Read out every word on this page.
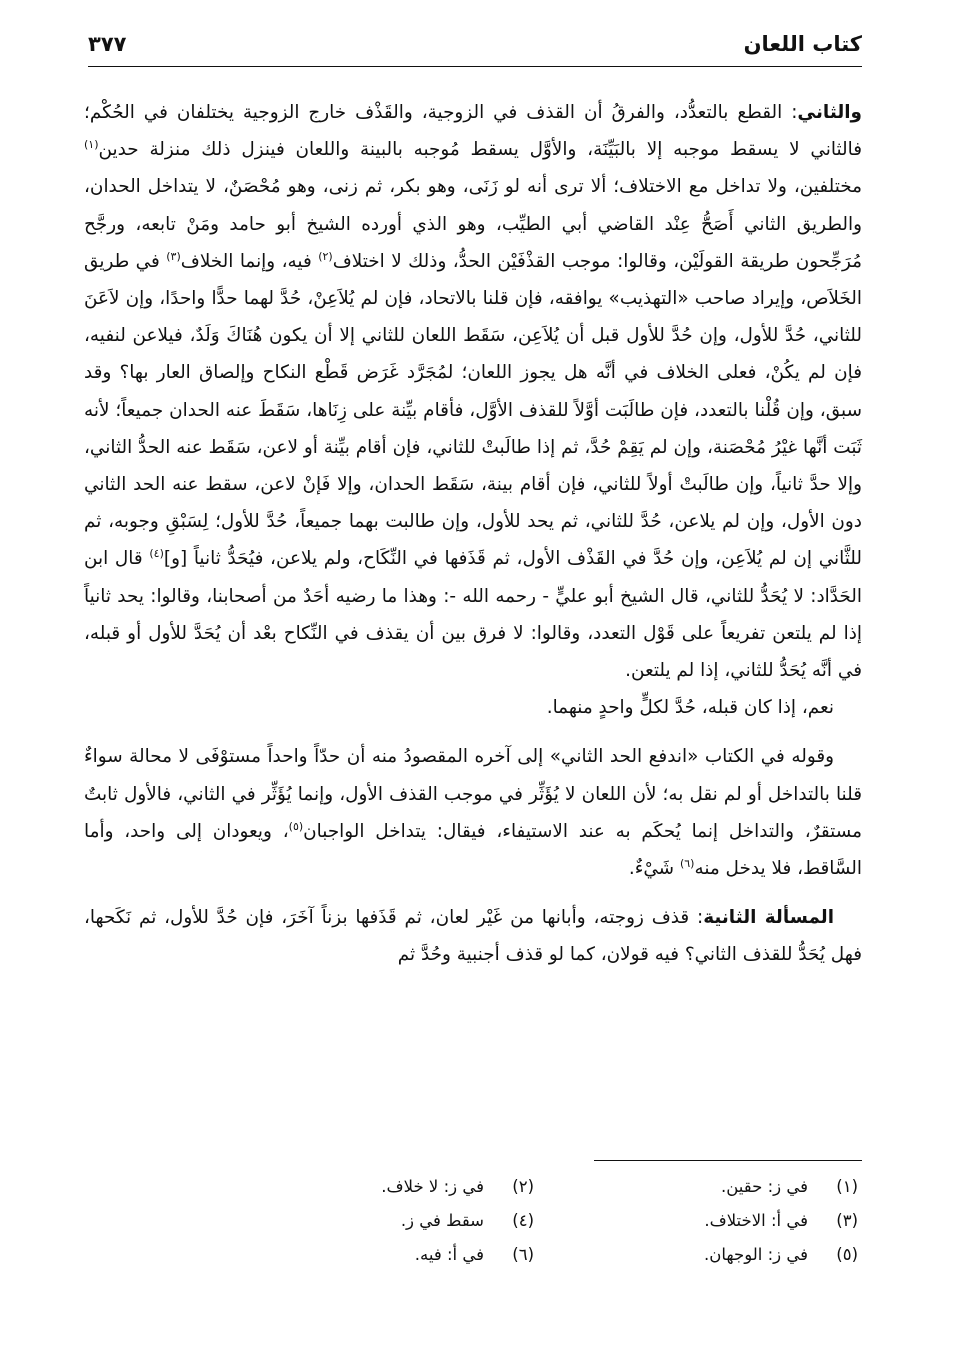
كتاب اللعان
٣٧٧

والثاني: القطع بالتعدُّد، والفرقُ أن القذف في الزوجية، والقَذْف خارج الزوجية يختلفان في الحُكْم؛ فالثاني لا يسقط موجبه إلا بالبَيِّنَة، والأوَّل يسقط مُوجبه بالبينة واللعان فينزل ذلك منزلة حدين$^{(١)}$ مختلفين، ولا تداخل مع الاختلاف؛ ألا ترى أنه لو زَنَى، وهو بكر، ثم زنى، وهو مُحْصَنٌ، لا يتداخل الحدان، والطريق الثاني أَصَحُّ عِنْد القاضي أبي الطيِّب، وهو الذي أورده الشيخ أبو حامد ومَنْ تابعه، ورجَّح مُرَجِّحون طريقة القولَيْن، وقالوا: موجب القذْفَيْن الحدُّ، وذلك لا اختلاف$^{(٢)}$ فيه، وإنما الخلاف$^{(٣)}$ في طريق الخَلاَص، وإيراد صاحب «التهذيب» يوافقه، فإن قلنا بالاتحاد، فإن لم يُلاَعِنْ، حُدَّ لهما حدًّا واحدًا، وإن لاَعَنَ للثاني، حُدَّ للأول، وإن حُدَّ للأول قبل أن يُلاَعِن، سَقَط اللعان للثاني إلا أن يكون هُنَاكَ وَلَدٌ، فيلاعن لنفيه، فإن لم يكُنْ، فعلى الخلاف في أنَّه هل يجوز اللعان؛ لمُجَرَّد غَرَض قَطْع النكاح وإلصاق العار بها؟ وقد سبق، وإن قُلْنا بالتعدد، فإن طالَبَت أوَّلاً للقذف الأوَّل، فأقام بيِّنة على زِنَاها، سَقَطَ عنه الحدان جميعاً؛ لأنه ثَبَت أنَّها غيْرُ مُحْصَنة، وإن لم يَقِمْ حُدَّ، ثم إذا طالَبتْ للثاني، فإن أقام بيِّنة أو لاعن، سَقَط عنه الحدُّ الثاني، وإلا حدَّ ثانياً، وإن طالَبتْ أولاً للثاني، فإن أقام بينة، سَقَط الحدان، وإلا فَإنْ لاعن، سقط عنه الحد الثاني دون الأول، وإن لم يلاعن، حُدَّ للثاني، ثم يحد للأول، وإن طالبت بهما جميعاً، حُدَّ للأول؛ لِسَبْقِ وجوبه، ثم للثَّاني إن لم يُلاَعِن، وإن حُدَّ في القَذْف الأول، ثم قَذَفها في النِّكَاح، ولم يلاعن، فيُحَدُّ ثانياً [و]$^{(٤)}$ قال ابن الحَدَّاد: لا يُحَدُّ للثاني، قال الشيخ أبو عليٍّ - رحمه الله -: وهذا ما رضيه أحَدٌ من أصحابنا، وقالوا: يحد ثانياً إذا لم يلتعن تفريعاً على قَوْل التعدد، وقالوا: لا فرق بين أن يقذف في النِّكاح بعْد أن يُحَدَّ للأول أو قبله، في أنَّه يُحَدُّ للثاني، إذا لم يلتعن.

نعم، إذا كان قبله، حُدَّ لكلٍّ واحدٍ منهما.

وقوله في الكتاب «اندفع الحد الثاني» إلى آخره المقصودُ منه أن حدّاً واحداً مستوْفَى لا محالة سواءٌ قلنا بالتداخل أو لم نقل به؛ لأن اللعان لا يُؤَثِّر في موجب القذف الأول، وإنما يُؤَثِّر في الثاني، فالأول ثابتٌ مستقرٌ، والتداخل إنما يُحكَم به عند الاستيفاء، فيقال: يتداخل الواجبان$^{(٥)}$، ويعودان إلى واحد، وأما السَّاقط، فلا يدخل منه$^{(٦)}$ شَيْءٌ.

المسألة الثانية: قذف زوجته، وأبانها من غَيْر لعان، ثم قَذَفها بزناً آخَرَ، فإن حُدَّ للأول، ثم نَكَحها، فهل يُحَدُّ للقذف الثاني؟ فيه قولان، كما لو قذف أجنبية وحُدَّ ثم

(١)
في ز: حقين.
(٢)
في ز: لا خلاف.
(٣)
في أ: الاختلاف.
(٤)
سقط في ز.
(٥)
في ز: الوجهان.
(٦)
في أ: فيه.
